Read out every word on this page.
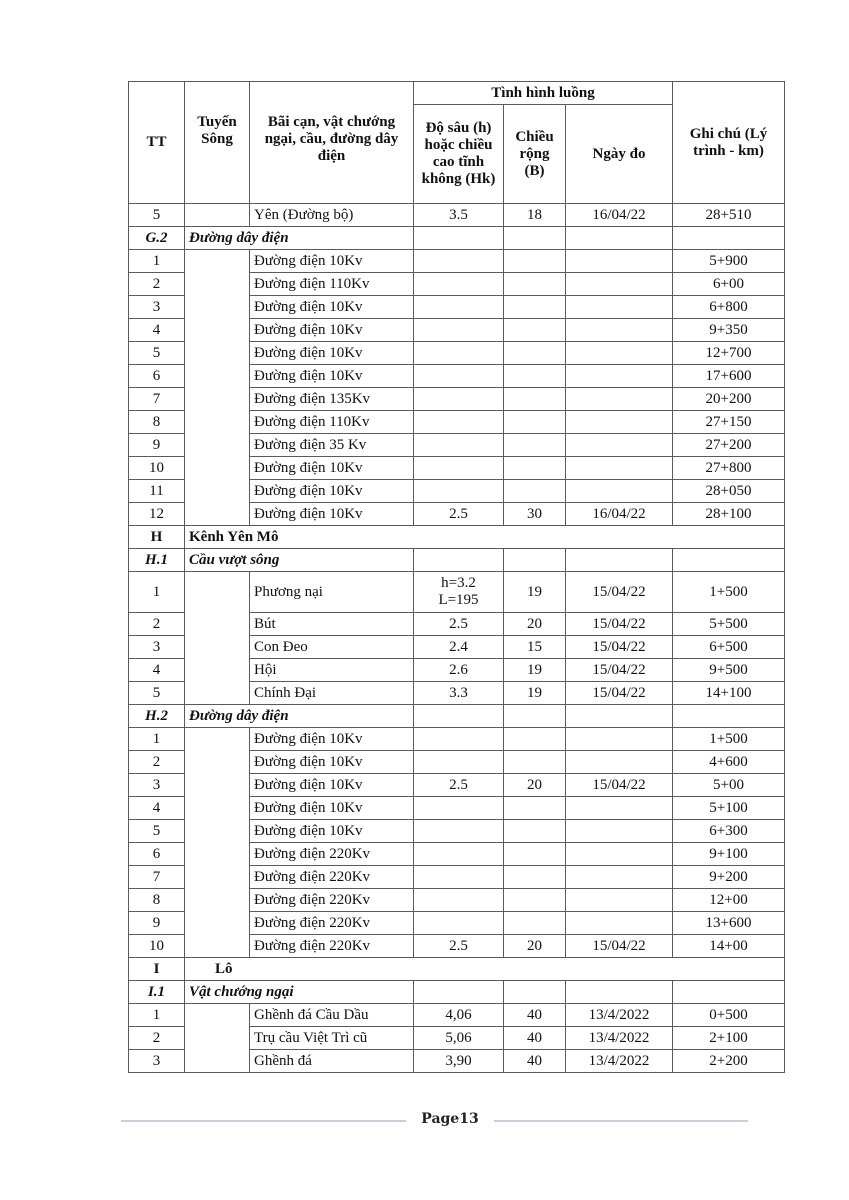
TT	Tuyến Sông	Bãi cạn, vật chướng ngại, cầu, đường dây điện	Tình hình luồng			Ghi chú (Lý trình - km)
			Độ sâu (h) hoặc chiều cao tĩnh không (Hk)	Chiều rộng (B)	Ngày đo	
5		Yên (Đường bộ)	3.5	18	16/04/22	28+510
G.2	Đường dây điện					
1		Đường điện 10Kv				5+900
2		Đường điện 110Kv				6+00
3		Đường điện 10Kv				6+800
4		Đường điện 10Kv				9+350
5		Đường điện 10Kv				12+700
6		Đường điện 10Kv				17+600
7		Đường điện 135Kv				20+200
8		Đường điện 110Kv				27+150
9		Đường điện 35 Kv				27+200
10		Đường điện 10Kv				27+800
11		Đường điện 10Kv				28+050
12		Đường điện 10Kv	2.5	30	16/04/22	28+100
H	Kênh Yên Mô					
H.1	Cầu vượt sông					
1		Phương nại	h=3.2
L=195	19	15/04/22	1+500
2		Bút	2.5	20	15/04/22	5+500
3		Con Đeo	2.4	15	15/04/22	6+500
4		Hội	2.6	19	15/04/22	9+500
5		Chính Đại	3.3	19	15/04/22	14+100
H.2	Đường dây điện					
1		Đường điện 10Kv				1+500
2		Đường điện 10Kv				4+600
3		Đường điện 10Kv	2.5	20	15/04/22	5+00
4		Đường điện 10Kv				5+100
5		Đường điện 10Kv				6+300
6		Đường điện 220Kv				9+100
7		Đường điện 220Kv				9+200
8		Đường điện 220Kv				12+00
9		Đường điện 220Kv				13+600
10		Đường điện 220Kv	2.5	20	15/04/22	14+00
I	Lô					
I.1	Vật chướng ngại					
1		Ghềnh đá Cầu Dầu	4,06	40	13/4/2022	0+500
2		Trụ cầu Việt Trì cũ	5,06	40	13/4/2022	2+100
3		Ghềnh đá	3,90	40	13/4/2022	2+200
Page13
